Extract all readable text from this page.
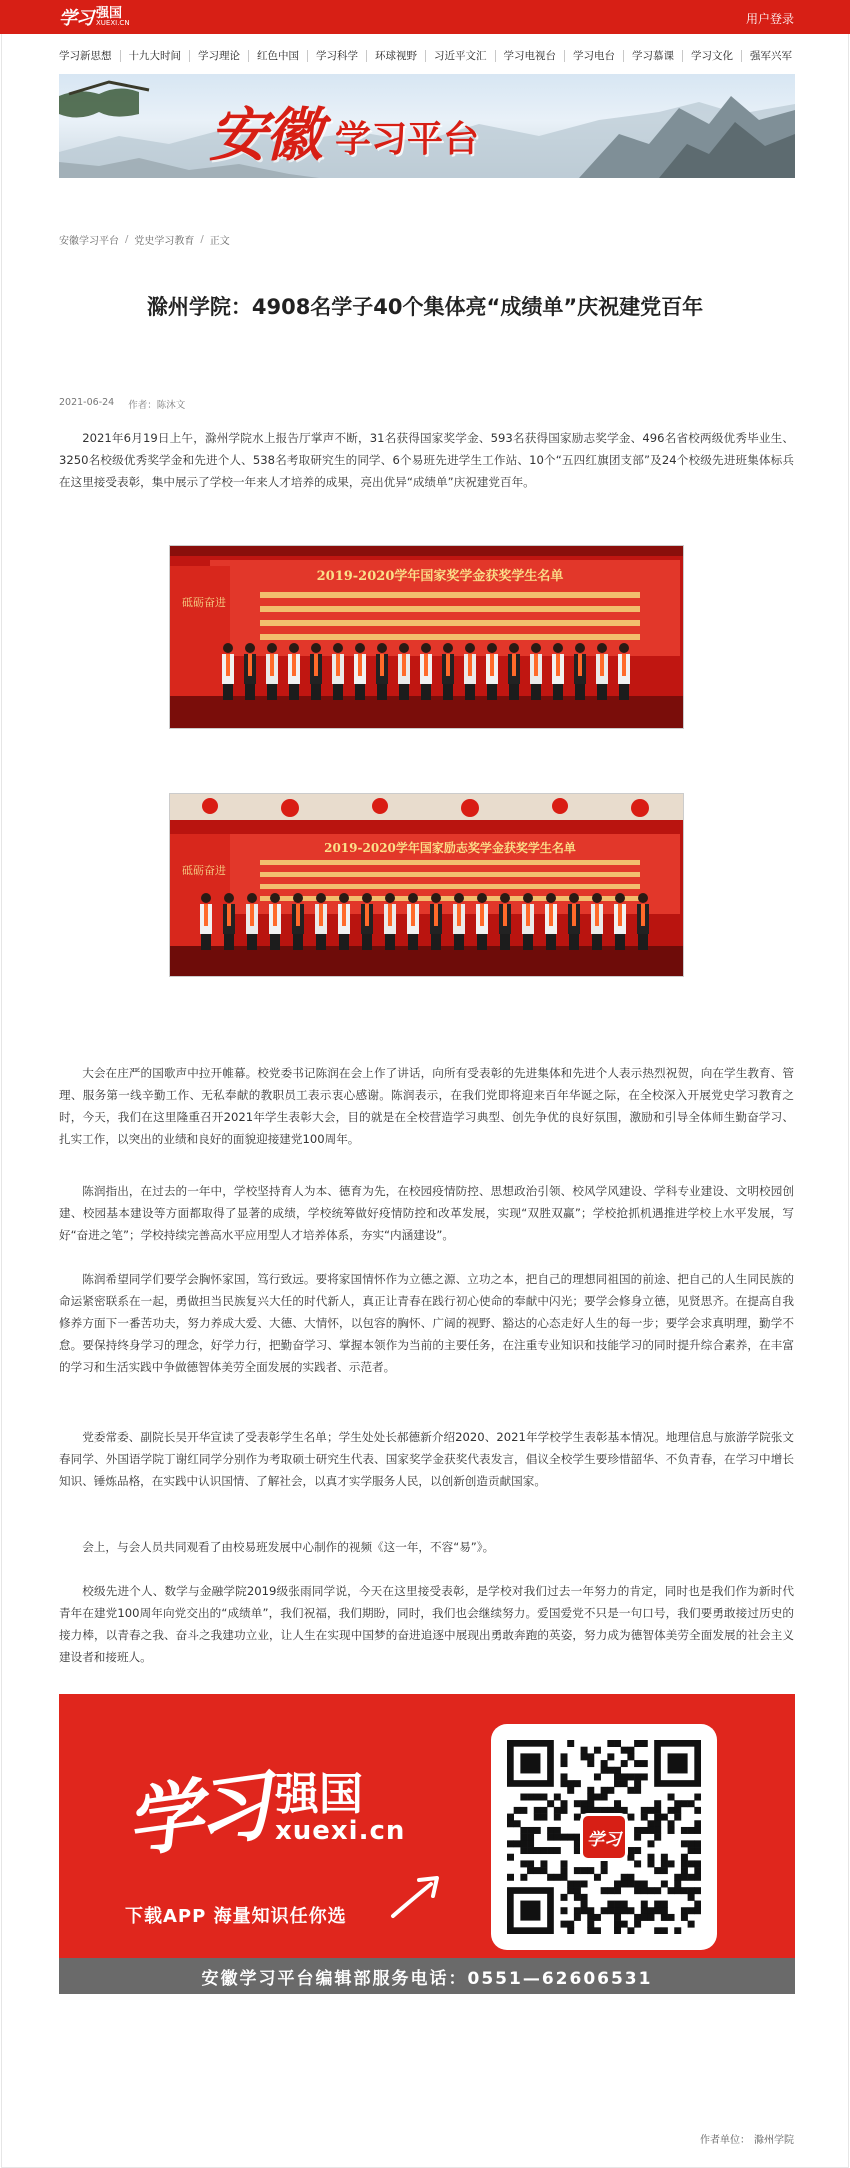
学习 强国
XUEXI.CN	用户登录
学习新思想	十九大时间	学习理论	红色中国	学习科学	环球视野	习近平文汇	学习电视台	学习电台	学习慕课	学习文化	强军兴军
安徽 学习平台
安徽学习平台 / 党史学习教育 / 正文
滁州学院：4908名学子40个集体亮“成绩单”庆祝建党百年
2021-06-24 作者：陈沐文

2021年6月19日上午，滁州学院水上报告厅掌声不断，31名获得国家奖学金、593名获得国家励志奖学金、496名省校两级优秀毕业生、3250名校级优秀奖学金和先进个人、538名考取研究生的同学、6个易班先进学生工作站、10个“五四红旗团支部”及24个校级先进班集体标兵在这里接受表彰，集中展示了学校一年来人才培养的成果，亮出优异“成绩单”庆祝建党百年。

砥砺奋进
2019-2020学年国家奖学金获奖学生名单
砥砺奋进
2019-2020学年国家励志奖学金获奖学生名单

大会在庄严的国歌声中拉开帷幕。校党委书记陈润在会上作了讲话，向所有受表彰的先进集体和先进个人表示热烈祝贺，向在学生教育、管理、服务第一线辛勤工作、无私奉献的教职员工表示衷心感谢。陈润表示，在我们党即将迎来百年华诞之际，在全校深入开展党史学习教育之时，今天，我们在这里隆重召开2021年学生表彰大会，目的就是在全校营造学习典型、创先争优的良好氛围，激励和引导全体师生勤奋学习、扎实工作，以突出的业绩和良好的面貌迎接建党100周年。

陈润指出，在过去的一年中，学校坚持育人为本、德育为先，在校园疫情防控、思想政治引领、校风学风建设、学科专业建设、文明校园创建、校园基本建设等方面都取得了显著的成绩，学校统筹做好疫情防控和改革发展，实现“双胜双赢”；学校抢抓机遇推进学校上水平发展，写好“奋进之笔”；学校持续完善高水平应用型人才培养体系，夯实“内涵建设”。

陈润希望同学们要学会胸怀家国，笃行致远。要将家国情怀作为立德之源、立功之本，把自己的理想同祖国的前途、把自己的人生同民族的命运紧密联系在一起，勇做担当民族复兴大任的时代新人，真正让青春在践行初心使命的奉献中闪光；要学会修身立德，见贤思齐。在提高自我修养方面下一番苦功夫，努力养成大爱、大德、大情怀，以包容的胸怀、广阔的视野、豁达的心态走好人生的每一步；要学会求真明理，勤学不怠。要保持终身学习的理念，好学力行，把勤奋学习、掌握本领作为当前的主要任务，在注重专业知识和技能学习的同时提升综合素养，在丰富的学习和生活实践中争做德智体美劳全面发展的实践者、示范者。

党委常委、副院长吴开华宣读了受表彰学生名单；学生处处长郝德新介绍2020、2021年学校学生表彰基本情况。地理信息与旅游学院张文春同学、外国语学院丁谢红同学分别作为考取硕士研究生代表、国家奖学金获奖代表发言，倡议全校学生要珍惜韶华、不负青春，在学习中增长知识、锤炼品格，在实践中认识国情、了解社会，以真才实学服务人民，以创新创造贡献国家。

会上，与会人员共同观看了由校易班发展中心制作的视频《这一年，不容“易”》。

校级先进个人、数学与金融学院2019级张雨同学说，今天在这里接受表彰，是学校对我们过去一年努力的肯定，同时也是我们作为新时代青年在建党100周年向党交出的“成绩单”，我们祝福，我们期盼，同时，我们也会继续努力。爱国爱党不只是一句口号，我们要勇敢接过历史的接力棒，以青春之我、奋斗之我建功立业，让人生在实现中国梦的奋进追逐中展现出勇敢奔跑的英姿，努力成为德智体美劳全面发展的社会主义建设者和接班人。

学习 强国
xuexi.cn
下载APP 海量知识任你选
学习
安徽学习平台编辑部服务电话：0551—62606531
作者单位： 滁州学院
